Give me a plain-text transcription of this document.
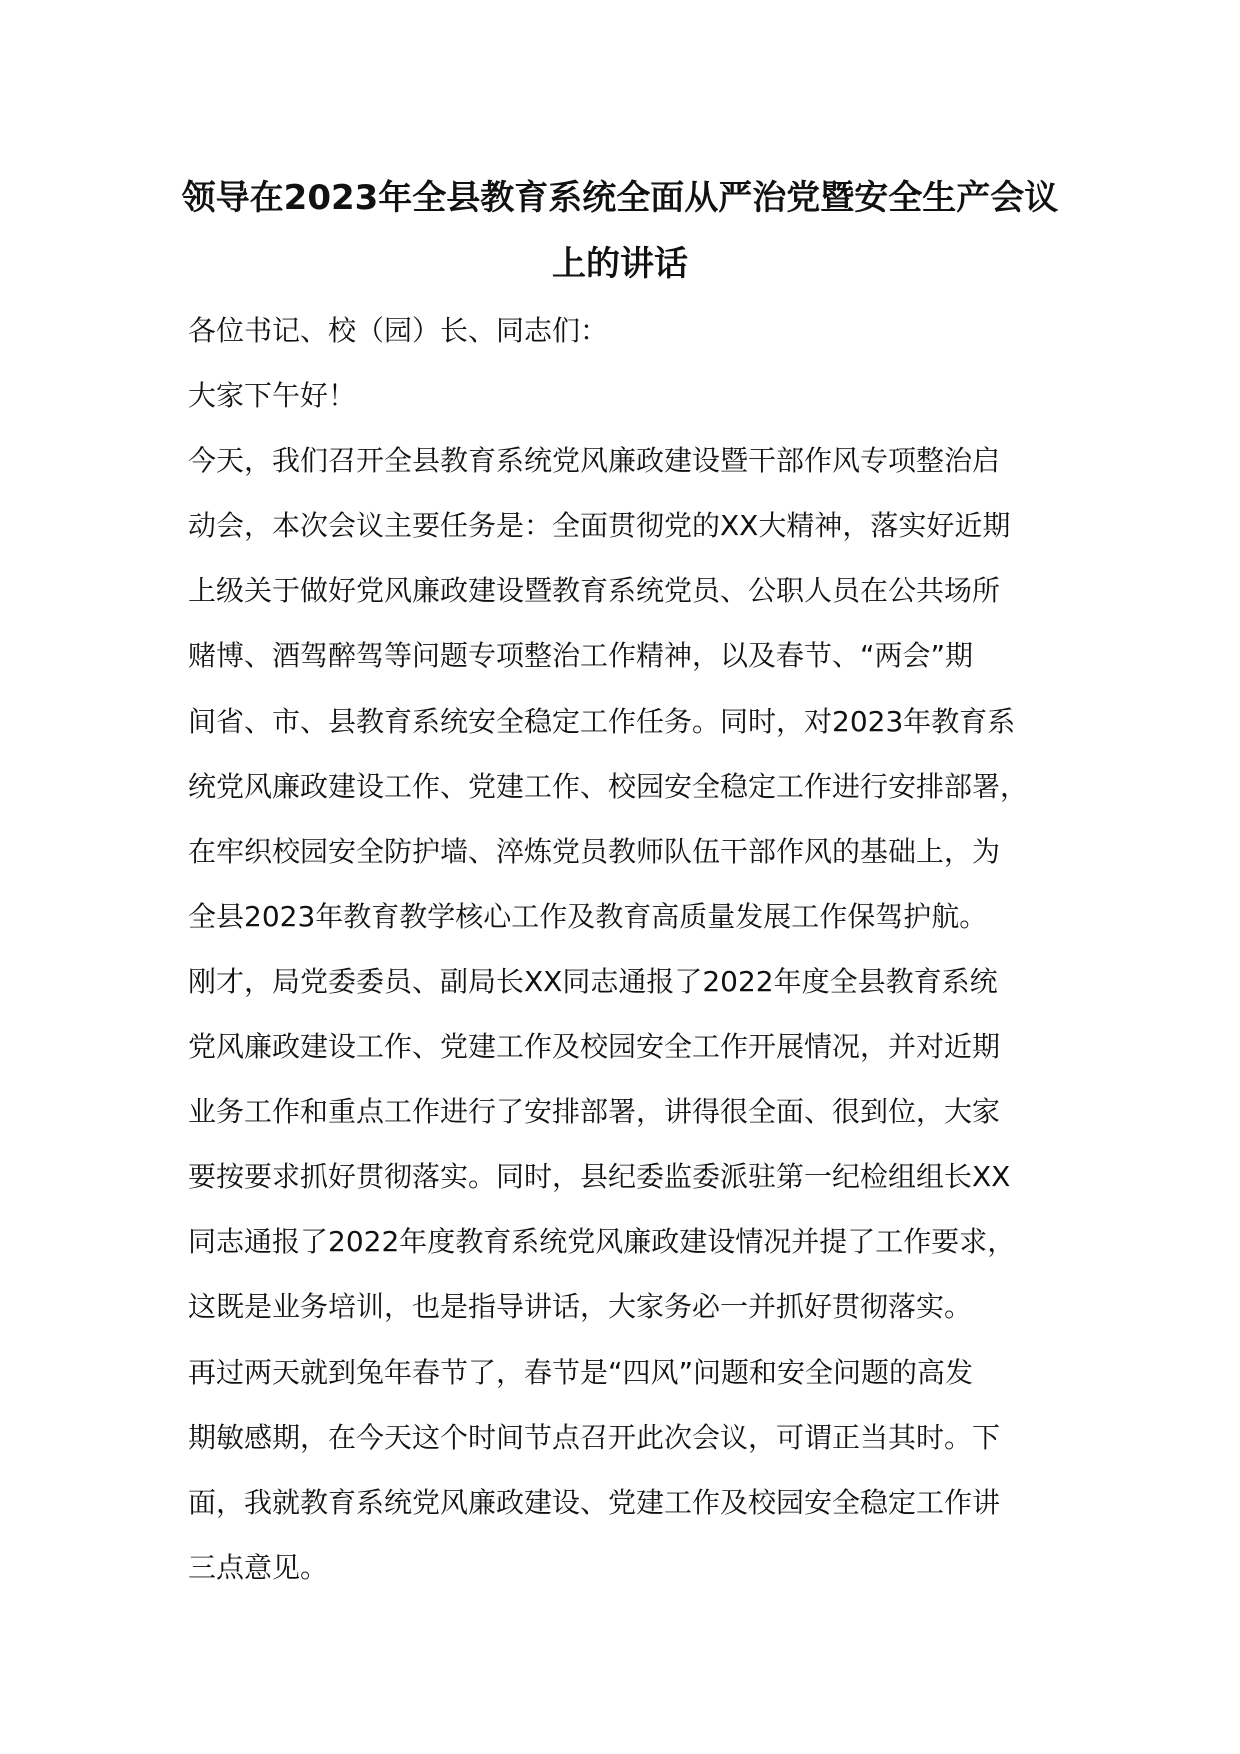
领导在2023年全县教育系统全面从严治党暨安全生产会议
上的讲话
各位书记、校（园）长、同志们：
大家下午好！
今天，我们召开全县教育系统党风廉政建设暨干部作风专项整治启
动会，本次会议主要任务是：全面贯彻党的XX大精神，落实好近期
上级关于做好党风廉政建设暨教育系统党员、公职人员在公共场所
赌博、酒驾醉驾等问题专项整治工作精神，以及春节、“两会”期
间省、市、县教育系统安全稳定工作任务。同时，对2023年教育系
统党风廉政建设工作、党建工作、校园安全稳定工作进行安排部署，
在牢织校园安全防护墙、淬炼党员教师队伍干部作风的基础上，为
全县2023年教育教学核心工作及教育高质量发展工作保驾护航。
刚才，局党委委员、副局长XX同志通报了2022年度全县教育系统
党风廉政建设工作、党建工作及校园安全工作开展情况，并对近期
业务工作和重点工作进行了安排部署，讲得很全面、很到位，大家
要按要求抓好贯彻落实。同时，县纪委监委派驻第一纪检组组长XX
同志通报了2022年度教育系统党风廉政建设情况并提了工作要求，
这既是业务培训，也是指导讲话，大家务必一并抓好贯彻落实。
再过两天就到兔年春节了，春节是“四风”问题和安全问题的高发
期敏感期，在今天这个时间节点召开此次会议，可谓正当其时。下
面，我就教育系统党风廉政建设、党建工作及校园安全稳定工作讲
三点意见。
